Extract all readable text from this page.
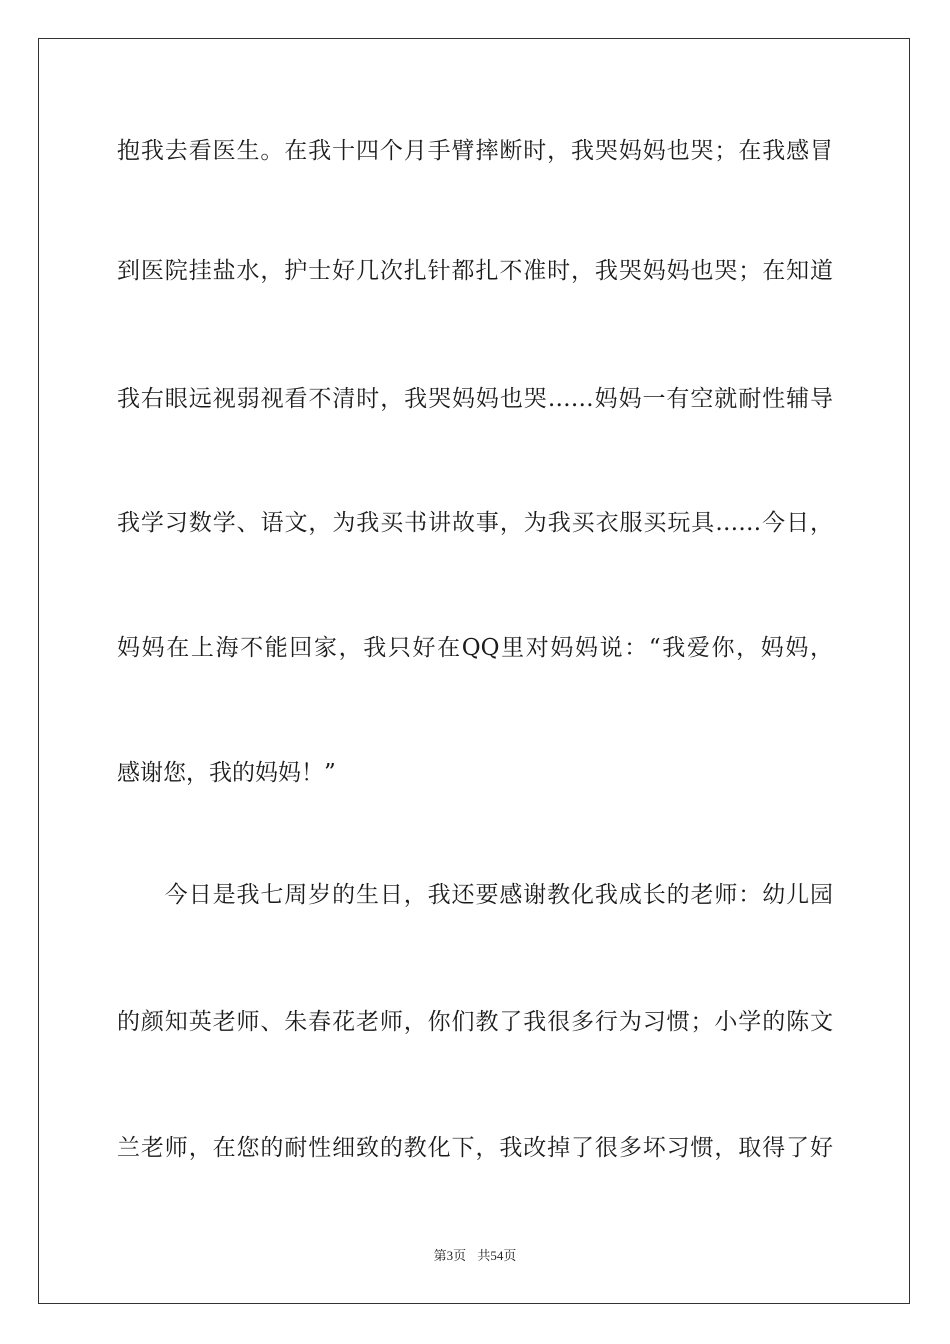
抱我去看医生。在我十四个月手臂摔断时，我哭妈妈也哭；在我感冒
到医院挂盐水，护士好几次扎针都扎不准时，我哭妈妈也哭；在知道
我右眼远视弱视看不清时，我哭妈妈也哭……妈妈一有空就耐性辅导
我学习数学、语文，为我买书讲故事，为我买衣服买玩具……今日，
妈妈在上海不能回家，我只好在QQ里对妈妈说：“我爱你，妈妈，
感谢您，我的妈妈！”
　　今日是我七周岁的生日，我还要感谢教化我成长的老师：幼儿园
的颜知英老师、朱春花老师，你们教了我很多行为习惯；小学的陈文
兰老师，在您的耐性细致的教化下，我改掉了很多坏习惯，取得了好
第3页 共54页
